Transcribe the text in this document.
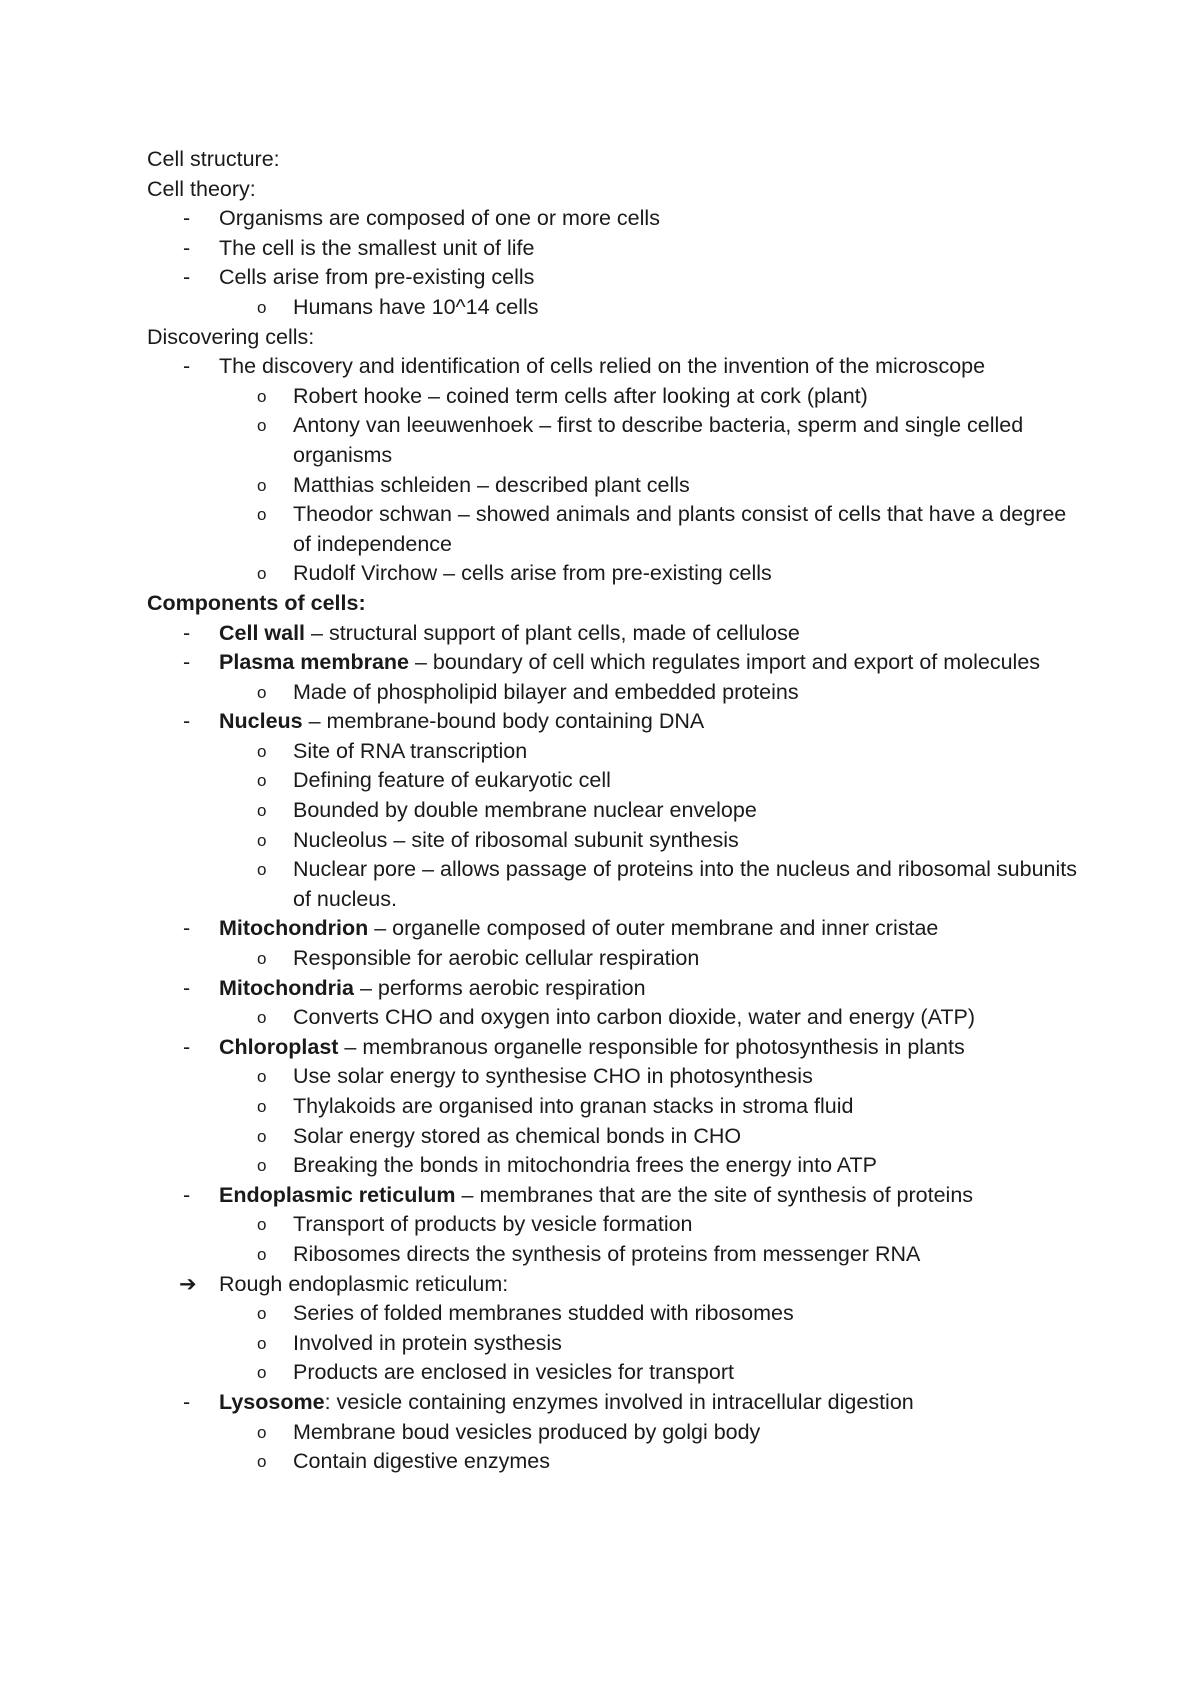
Cell structure:
Cell theory:
- Organisms are composed of one or more cells
- The cell is the smallest unit of life
- Cells arise from pre-existing cells
o Humans have 10^14 cells
Discovering cells:
- The discovery and identification of cells relied on the invention of the microscope
o Robert hooke – coined term cells after looking at cork (plant)
o Antony van leeuwenhoek – first to describe bacteria, sperm and single celled organisms
o Matthias schleiden – described plant cells
o Theodor schwan – showed animals and plants consist of cells that have a degree of independence
o Rudolf Virchow – cells arise from pre-existing cells
Components of cells:
- Cell wall – structural support of plant cells, made of cellulose
- Plasma membrane – boundary of cell which regulates import and export of molecules
o Made of phospholipid bilayer and embedded proteins
- Nucleus – membrane-bound body containing DNA
o Site of RNA transcription
o Defining feature of eukaryotic cell
o Bounded by double membrane nuclear envelope
o Nucleolus – site of ribosomal subunit synthesis
o Nuclear pore – allows passage of proteins into the nucleus and ribosomal subunits of nucleus.
- Mitochondrion – organelle composed of outer membrane and inner cristae
o Responsible for aerobic cellular respiration
- Mitochondria – performs aerobic respiration
o Converts CHO and oxygen into carbon dioxide, water and energy (ATP)
- Chloroplast – membranous organelle responsible for photosynthesis in plants
o Use solar energy to synthesise CHO in photosynthesis
o Thylakoids are organised into granan stacks in stroma fluid
o Solar energy stored as chemical bonds in CHO
o Breaking the bonds in mitochondria frees the energy into ATP
- Endoplasmic reticulum – membranes that are the site of synthesis of proteins
o Transport of products by vesicle formation
o Ribosomes directs the synthesis of proteins from messenger RNA
➔ Rough endoplasmic reticulum:
o Series of folded membranes studded with ribosomes
o Involved in protein systhesis
o Products are enclosed in vesicles for transport
- Lysosome: vesicle containing enzymes involved in intracellular digestion
o Membrane boud vesicles produced by golgi body
o Contain digestive enzymes
